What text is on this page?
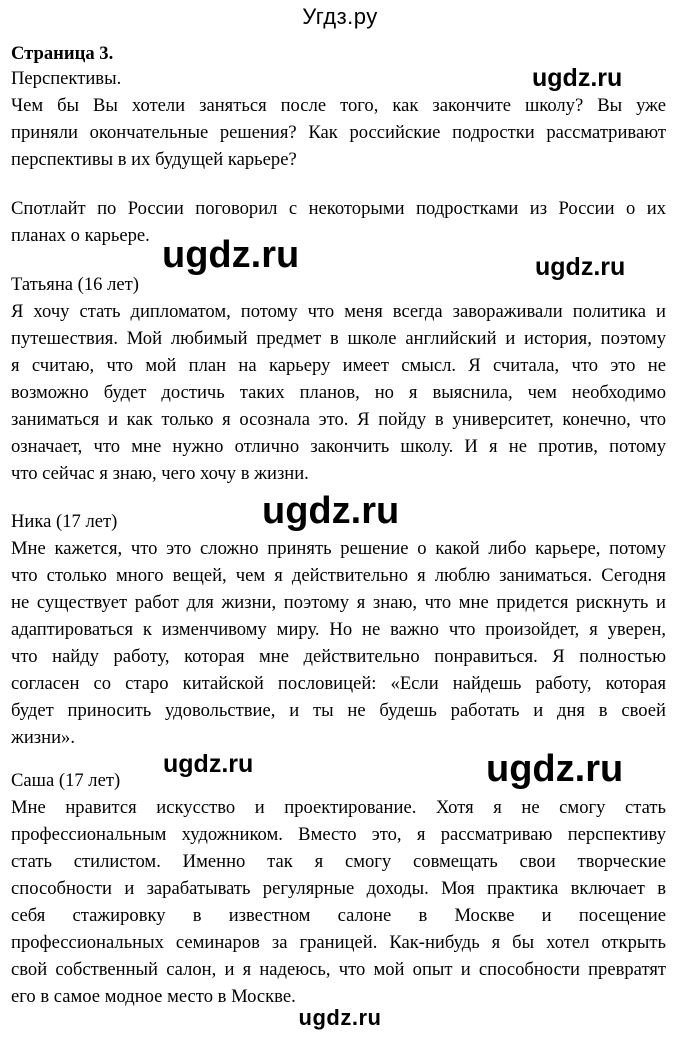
Угдз.ру
Страница 3.
Перспективы.
Чем бы Вы хотели заняться после того, как закончите школу? Вы уже
приняли окончательные решения? Как российские подростки рассматривают
перспективы в их будущей карьере?
Спотлайт по России поговорил с некоторыми подростками из России о их
планах о карьере.
Татьяна (16 лет)
Я хочу стать дипломатом, потому что меня всегда завораживали политика и
путешествия. Мой любимый предмет в школе английский и история, поэтому
я считаю, что мой план на карьеру имеет смысл. Я считала, что это не
возможно будет достичь таких планов, но я выяснила, чем необходимо
заниматься и как только я осознала это. Я пойду в университет, конечно, что
означает, что мне нужно отлично закончить школу. И я не против, потому
что сейчас я знаю, чего хочу в жизни.
Ника (17 лет)
Мне кажется, что это сложно принять решение о какой либо карьере, потому
что столько много вещей, чем я действительно я люблю заниматься. Сегодня
не существует работ для жизни, поэтому я знаю, что мне придется рискнуть и
адаптироваться к изменчивому миру. Но не важно что произойдет, я уверен,
что найду работу, которая мне действительно понравиться. Я полностью
согласен со старо китайской пословицей: «Если найдешь работу, которая
будет приносить удовольствие, и ты не будешь работать и дня в своей
жизни».
Саша (17 лет)
Мне нравится искусство и проектирование. Хотя я не смогу стать
профессиональным художником. Вместо это, я рассматриваю перспективу
стать стилистом. Именно так я смогу совмещать свои творческие
способности и зарабатывать регулярные доходы. Моя практика включает в
себя стажировку в известном салоне в Москве и посещение
профессиональных семинаров за границей. Как-нибудь я бы хотел открыть
свой собственный салон, и я надеюсь, что мой опыт и способности превратят
его в самое модное место в Москве.
ugdz.ru
ugdz.ru	ugdz.ru
ugdz.ru
ugdz.ru	ugdz.ru
ugdz.ru
